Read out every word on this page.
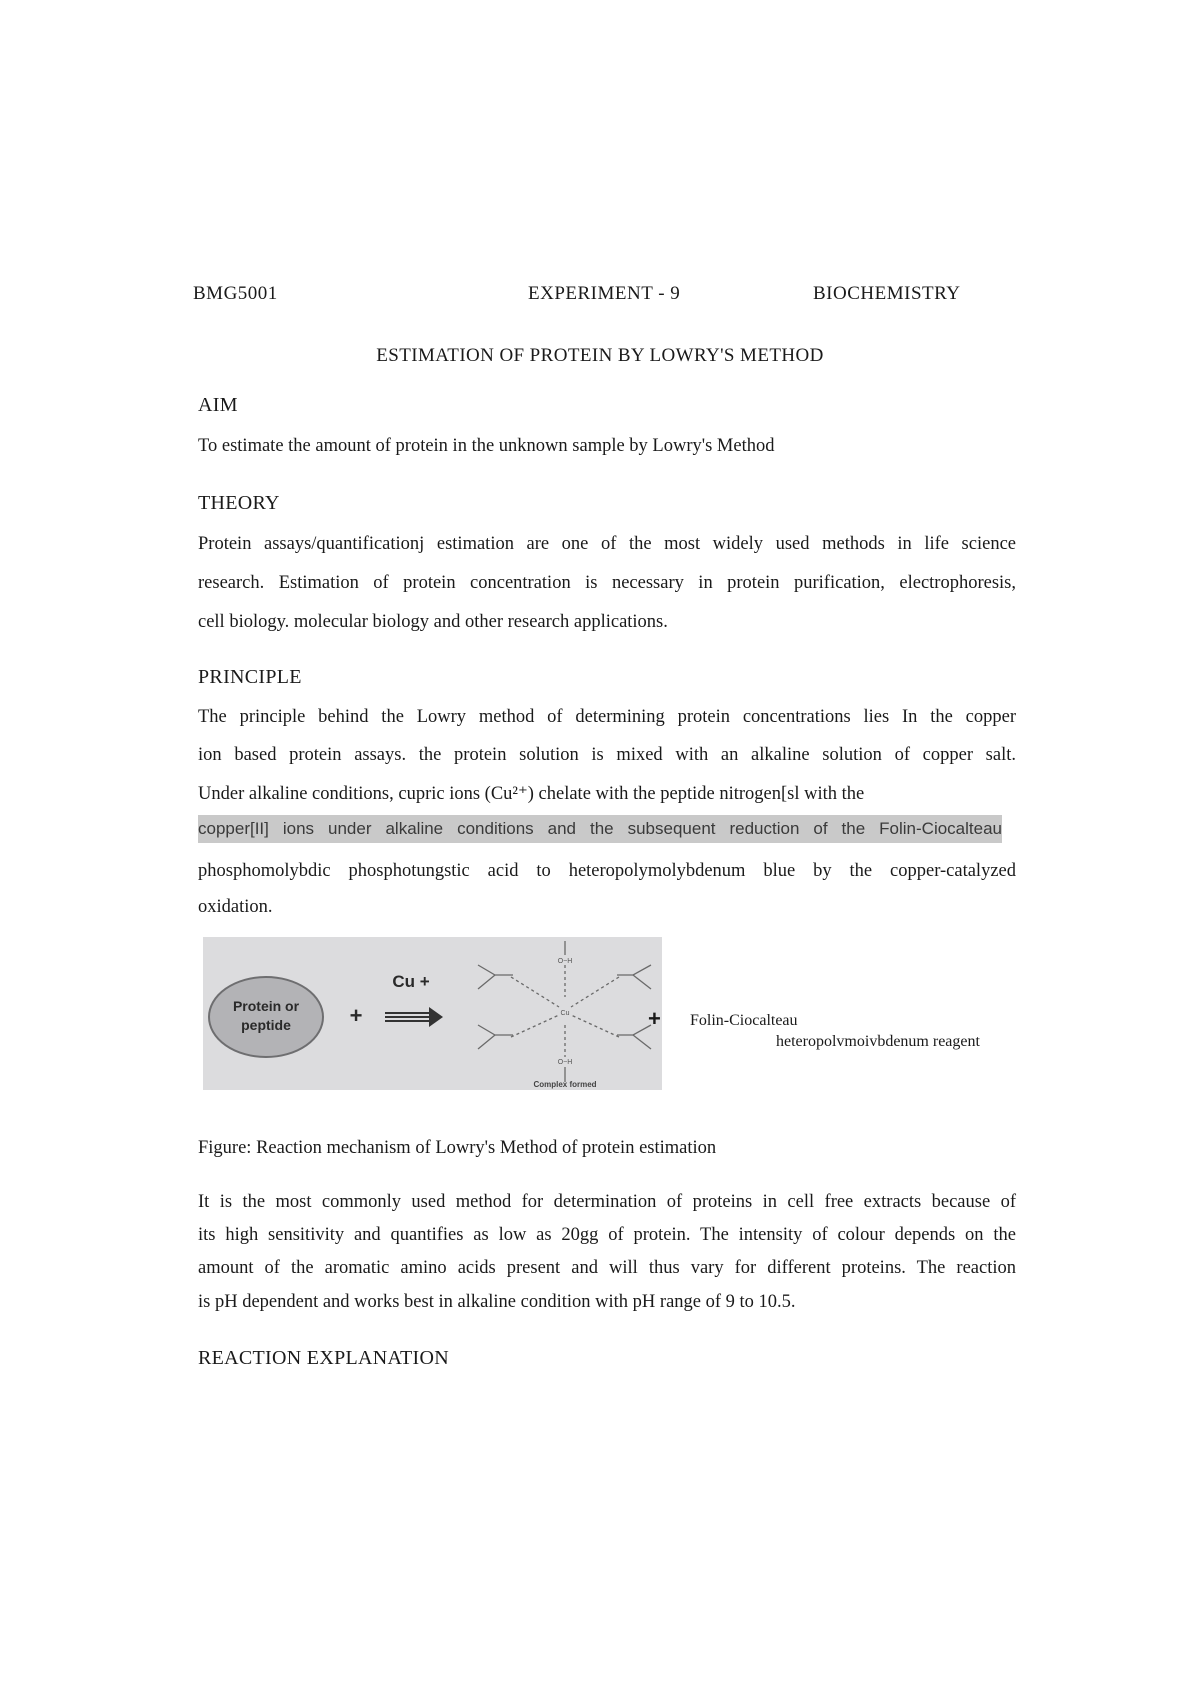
BMG5001	EXPERIMENT - 9	BIOCHEMISTRY
ESTIMATION OF PROTEIN BY LOWRY'S METHOD
AIM
To estimate the amount of protein in the unknown sample by Lowry's Method
THEORY
Protein assays/quantificationj estimation are one of the most widely used methods in life science
research. Estimation of protein concentration is necessary in protein purification, electrophoresis,
cell biology. molecular biology and other research applications.
PRINCIPLE
The principle behind the Lowry method of determining protein concentrations lies In the copper
ion based protein assays. the protein solution is mixed with an alkaline solution of copper salt.
Under alkaline conditions, cupric ions (Cu²⁺) chelate with the peptide nitrogen[sl with the
copper[II] ions under alkaline conditions and the subsequent reduction of the Folin-Ciocalteau
phosphomolybdic phosphotungstic acid to heteropolymolybdenum blue by the copper-catalyzed
oxidation.
Protein or
peptide	+
Cu +
Cu
O−H
O−H
Complex formed
+ Folin-Ciocalteau
heteropolvmoivbdenum reagent
Figure: Reaction mechanism of Lowry's Method of protein estimation
It is the most commonly used method for determination of proteins in cell free extracts because of
its high sensitivity and quantifies as low as 20gg of protein. The intensity of colour depends on the
amount of the aromatic amino acids present and will thus vary for different proteins. The reaction
is pH dependent and works best in alkaline condition with pH range of 9 to 10.5.
REACTION EXPLANATION
